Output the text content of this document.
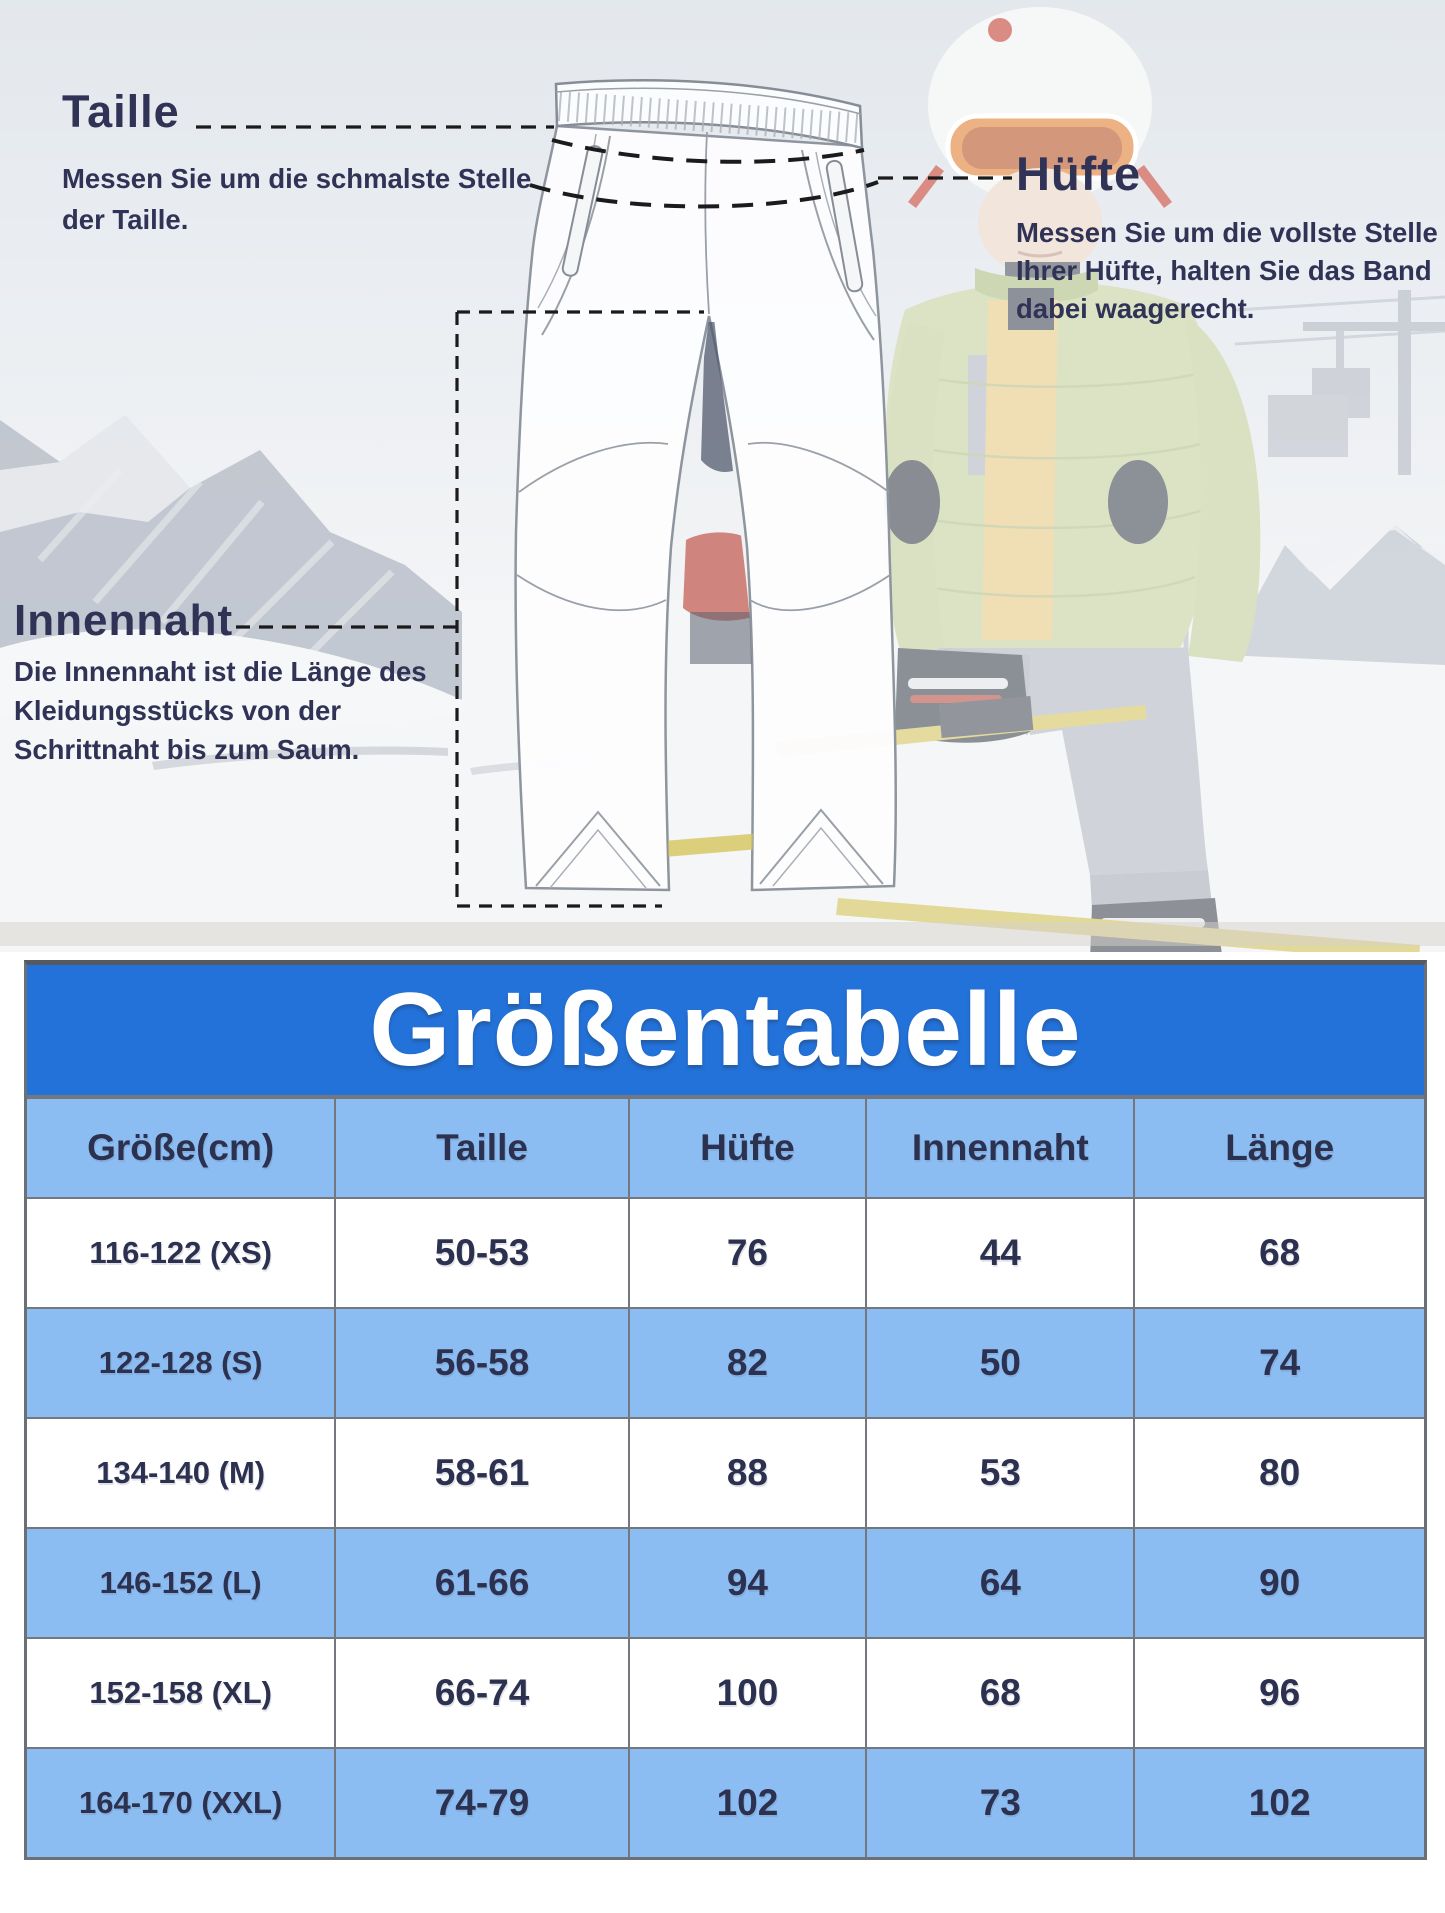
Taille
Messen Sie um die schmalste Stelle
der Taille.
Hüfte
Messen Sie um die vollste Stelle
Ihrer Hüfte, halten Sie das Band
dabei waagerecht.
Innennaht
Die Innennaht ist die Länge des
Kleidungsstücks von der
Schrittnaht bis zum Saum.
Größentabelle
Größe(cm)	Taille	Hüfte	Innennaht	Länge
116-122 (XS)	50-53	76	44	68
122-128 (S)	56-58	82	50	74
134-140 (M)	58-61	88	53	80
146-152 (L)	61-66	94	64	90
152-158 (XL)	66-74	100	68	96
164-170 (XXL)	74-79	102	73	102
